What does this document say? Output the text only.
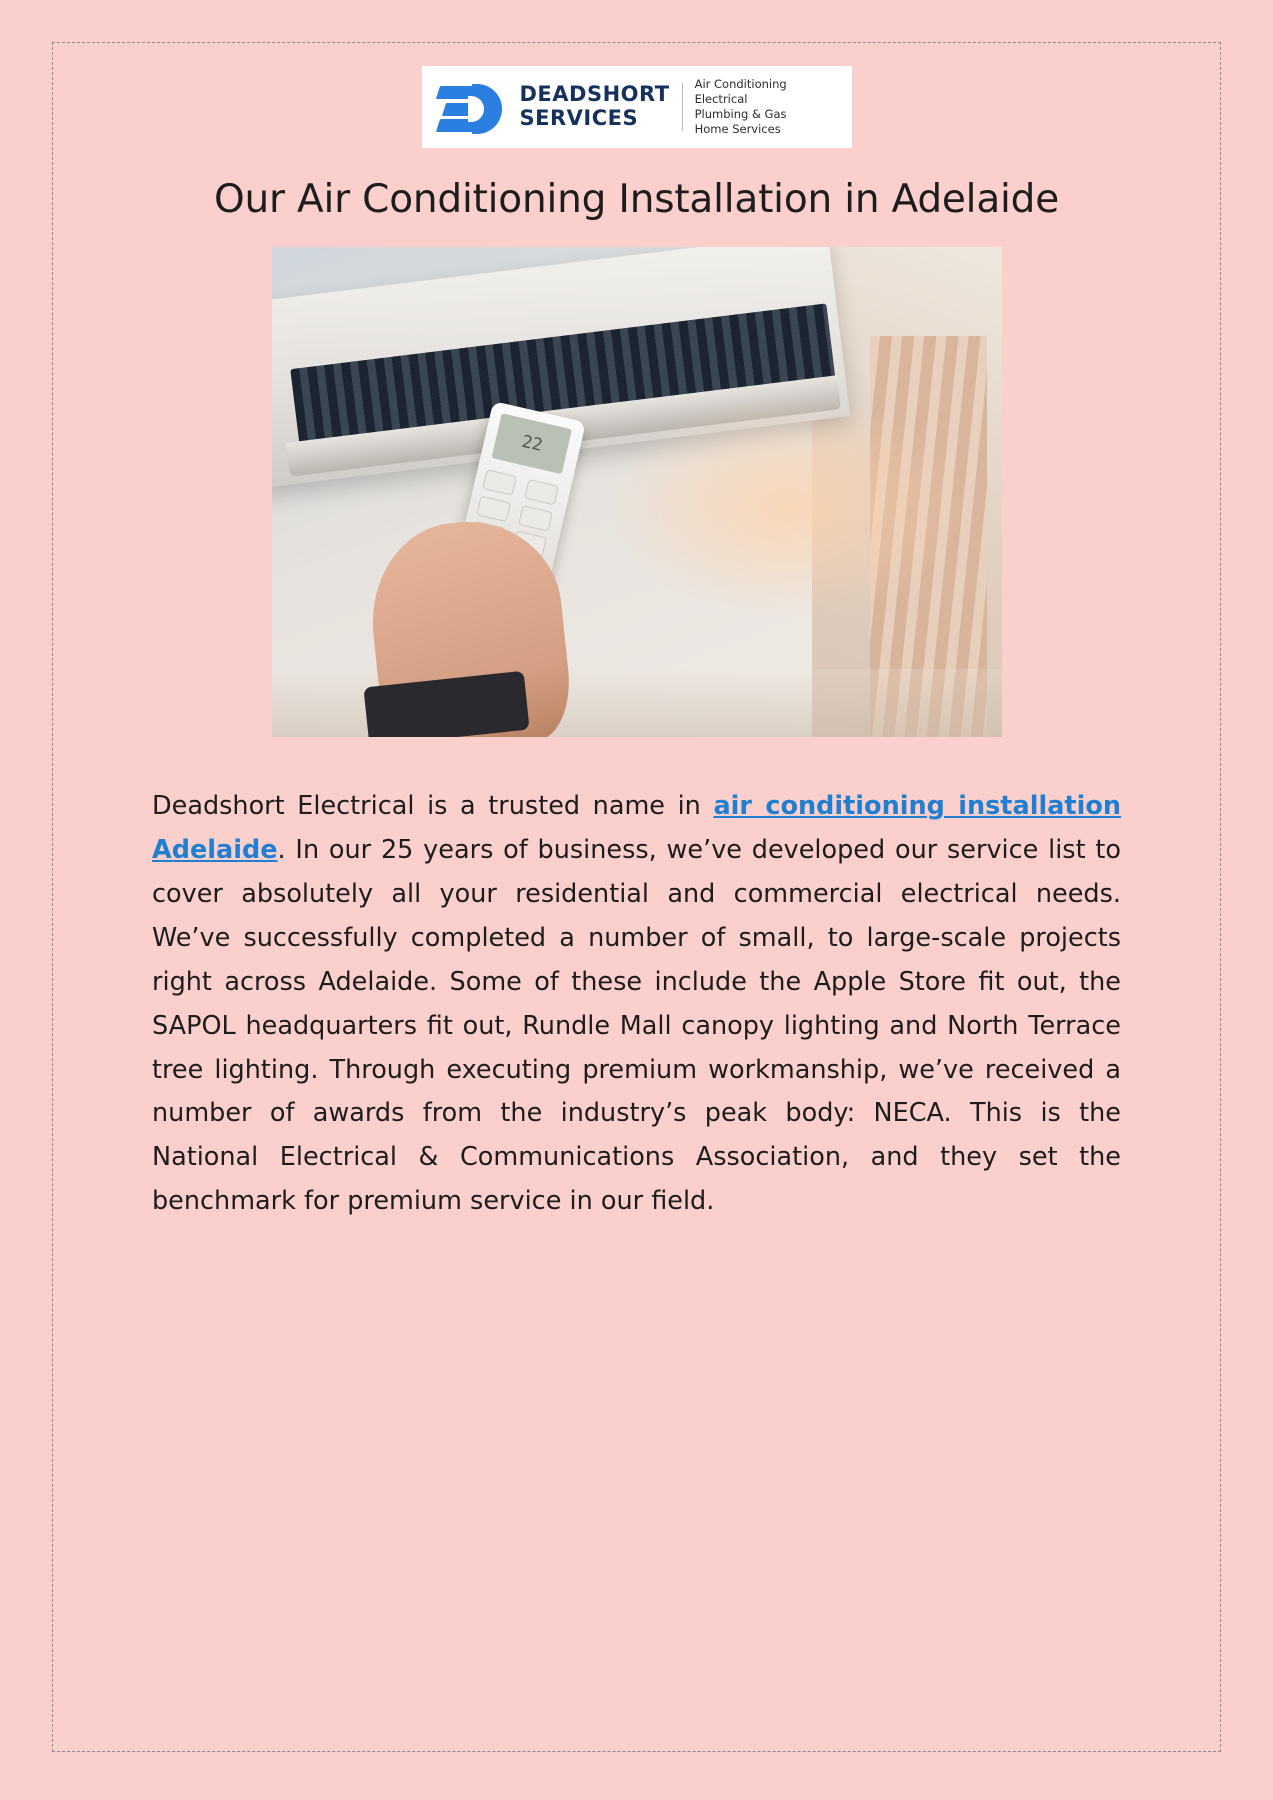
DEADSHORT
SERVICES
Air Conditioning
Electrical
Plumbing & Gas
Home Services
Our Air Conditioning Installation in Adelaide
22

Deadshort Electrical is a trusted name in air conditioning installation Adelaide. In our 25 years of business, we’ve developed our service list to cover absolutely all your residential and commercial electrical needs. We’ve successfully completed a number of small, to large-scale projects right across Adelaide. Some of these include the Apple Store fit out, the SAPOL headquarters fit out, Rundle Mall canopy lighting and North Terrace tree lighting. Through executing premium workmanship, we’ve received a number of awards from the industry’s peak body: NECA. This is the National Electrical & Communications Association, and they set the benchmark for premium service in our field.
